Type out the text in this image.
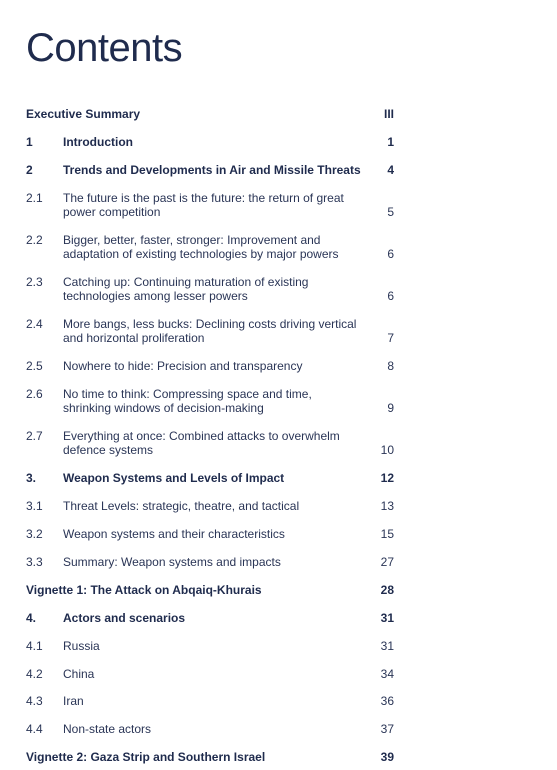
Contents
Executive Summary	III
1	Introduction	1
2	Trends and Developments in Air and Missile Threats 4
2.1 The future is the past is the future: the return of great power competition	5
2.2 Bigger, better, faster, stronger: Improvement and adaptation of existing technologies by major powers	6
2.3 Catching up: Continuing maturation of existing technologies among lesser powers	6
2.4 More bangs, less bucks: Declining costs driving vertical and horizontal proliferation	7
2.5 Nowhere to hide: Precision and transparency	8
2.6 No time to think: Compressing space and time, shrinking windows of decision-making	9
2.7 Everything at once: Combined attacks to overwhelm defence systems	10
3. Weapon Systems and Levels of Impact	12
3.1 Threat Levels: strategic, theatre, and tactical	13
3.2 Weapon systems and their characteristics	15
3.3 Summary: Weapon systems and impacts	27
Vignette 1: The Attack on Abqaiq-Khurais	28
4. Actors and scenarios	31
4.1 Russia	31
4.2 China	34
4.3 Iran	36
4.4 Non-state actors	37
Vignette 2: Gaza Strip and Southern Israel	39
